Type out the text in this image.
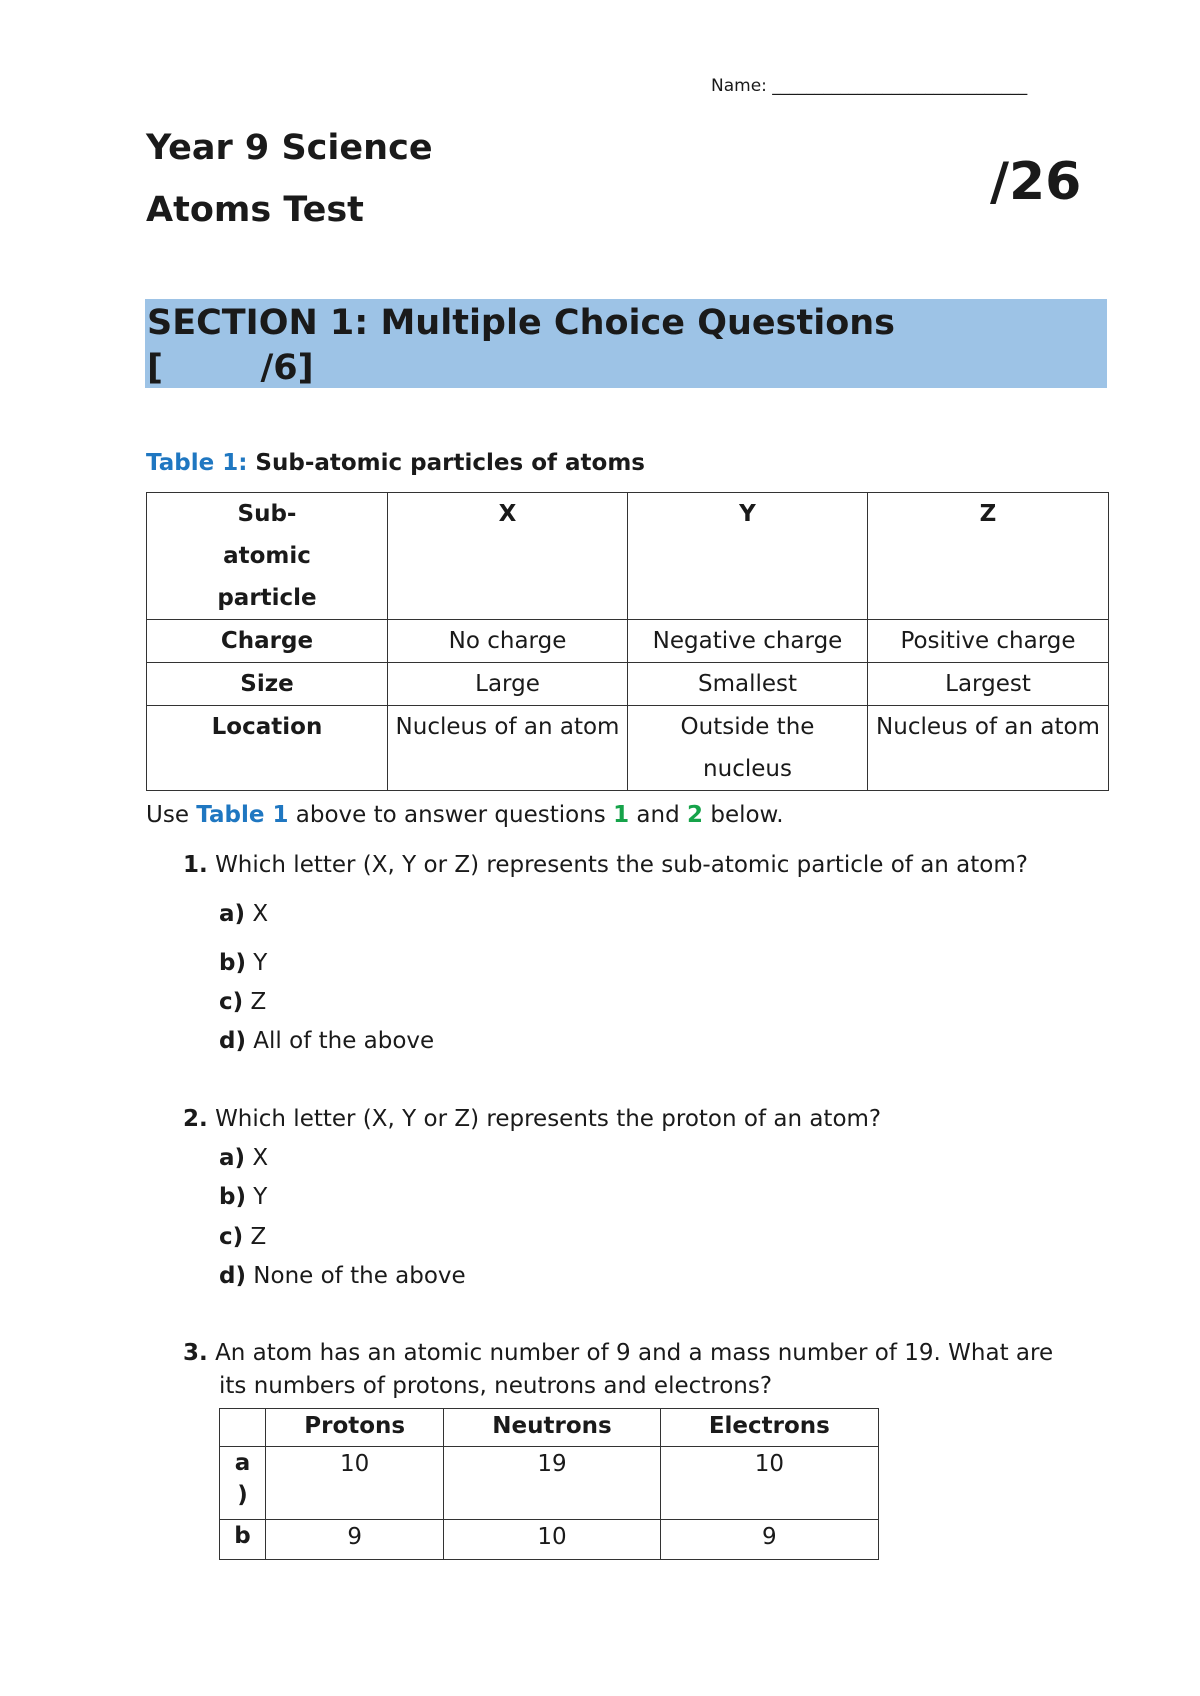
Name: ______________________________
Year 9 Science
Atoms Test	/26
SECTION 1: Multiple Choice Questions
[        /6]
Table 1: Sub-atomic particles of atoms
Sub-atomic particle	X	Y	Z
Charge	No charge	Negative charge	Positive charge
Size	Large	Smallest	Largest
Location	Nucleus of an atom	Outside the nucleus	Nucleus of an atom
Use Table 1 above to answer questions 1 and 2 below.
1. Which letter (X, Y or Z) represents the sub-atomic particle of an atom?
a) X
b) Y
c) Z
d) All of the above
2. Which letter (X, Y or Z) represents the proton of an atom?
a) X
b) Y
c) Z
d) None of the above
3. An atom has an atomic number of 9 and a mass number of 19. What are
its numbers of protons, neutrons and electrons?
	Protons	Neutrons	Electrons

a )	10	19	10
b	9	10	9
